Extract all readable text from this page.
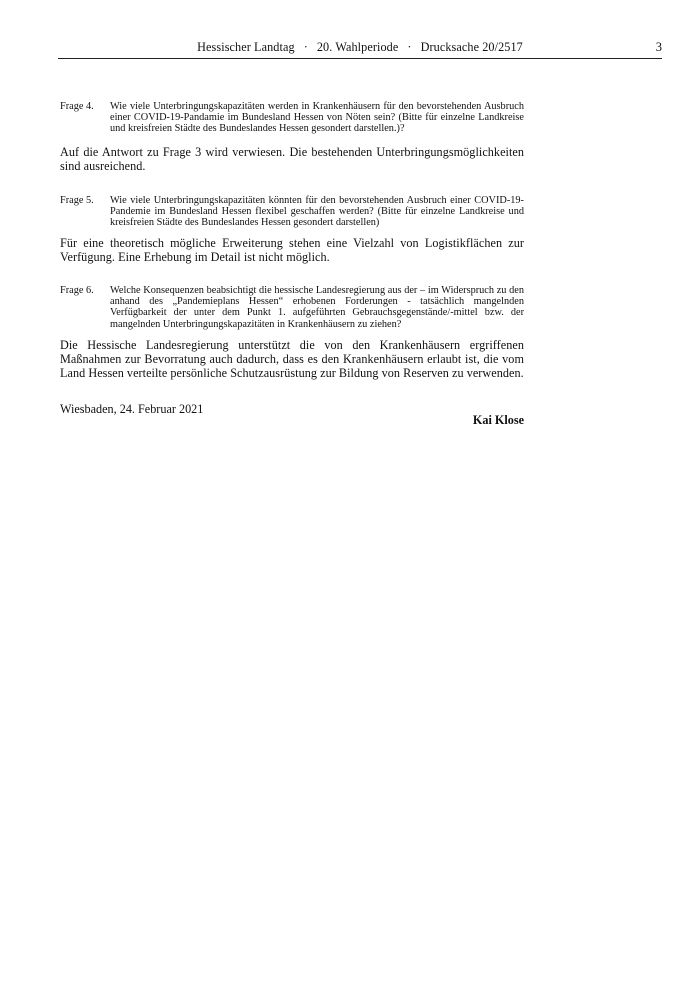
Hessischer Landtag · 20. Wahlperiode · Drucksache 20/2517	3
Frage 4.	Wie viele Unterbringungskapazitäten werden in Krankenhäusern für den bevorstehenden Ausbruch einer COVID-19-Pandamie im Bundesland Hessen von Nöten sein? (Bitte für einzelne Landkreise und kreisfreien Städte des Bundeslandes Hessen gesondert darstellen.)?
Auf die Antwort zu Frage 3 wird verwiesen. Die bestehenden Unterbringungsmöglichkeiten sind ausreichend.
Frage 5.	Wie viele Unterbringungskapazitäten könnten für den bevorstehenden Ausbruch einer COVID-19-Pandemie im Bundesland Hessen flexibel geschaffen werden? (Bitte für einzelne Landkreise und kreisfreien Städte des Bundeslandes Hessen gesondert darstellen)
Für eine theoretisch mögliche Erweiterung stehen eine Vielzahl von Logistikflächen zur Verfügung. Eine Erhebung im Detail ist nicht möglich.
Frage 6.	Welche Konsequenzen beabsichtigt die hessische Landesregierung aus der – im Widerspruch zu den anhand des „Pandemieplans Hessen“ erhobenen Forderungen - tatsächlich mangelnden Verfügbarkeit der unter dem Punkt 1. aufgeführten Gebrauchsgegenstände/-mittel bzw. der mangelnden Unterbringungskapazitäten in Krankenhäusern zu ziehen?
Die Hessische Landesregierung unterstützt die von den Krankenhäusern ergriffenen Maßnahmen zur Bevorratung auch dadurch, dass es den Krankenhäusern erlaubt ist, die vom Land Hessen verteilte persönliche Schutzausrüstung zur Bildung von Reserven zu verwenden.
Wiesbaden, 24. Februar 2021
Kai Klose
